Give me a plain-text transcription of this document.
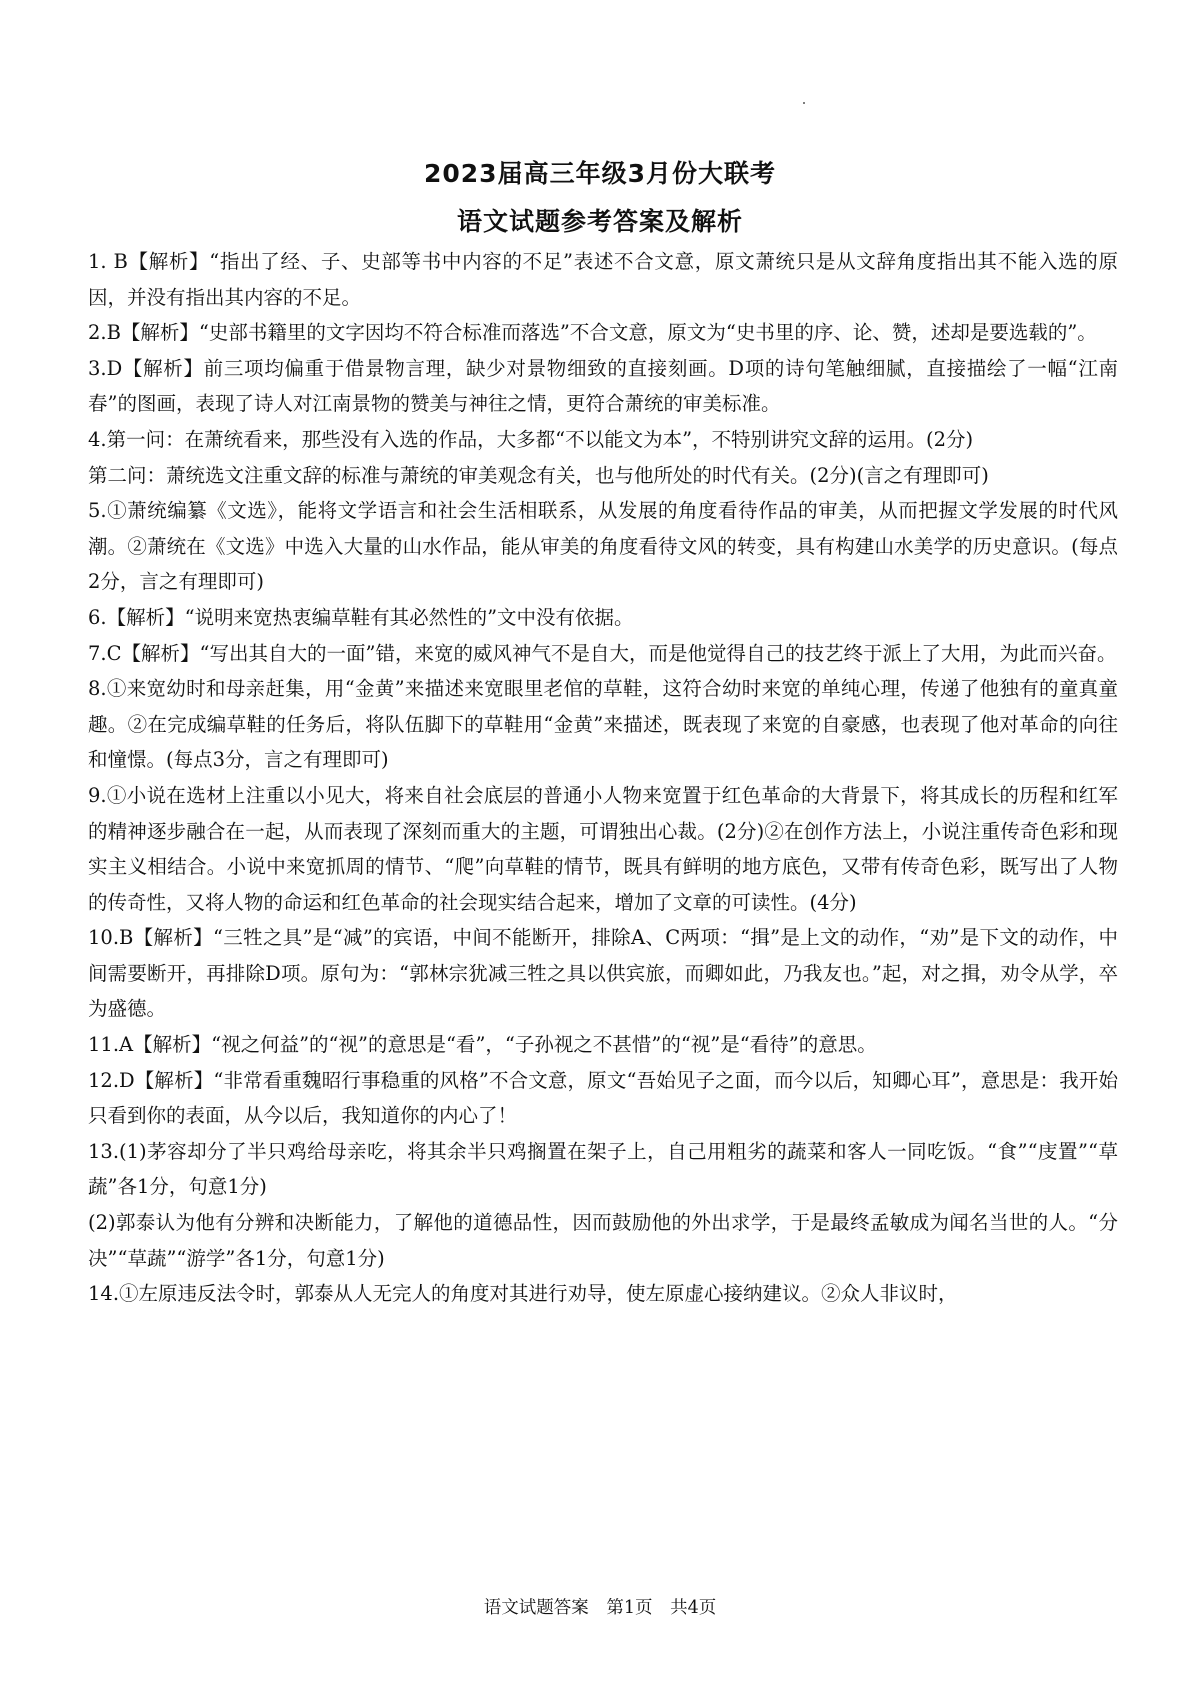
2023届高三年级3月份大联考
语文试题参考答案及解析

1. B【解析】“指出了经、子、史部等书中内容的不足”表述不合文意，原文萧统只是从文辞角度指出其不能入选的原因，并没有指出其内容的不足。

2.B【解析】“史部书籍里的文字因均不符合标准而落选”不合文意，原文为“史书里的序、论、赞，述却是要选载的”。

3.D【解析】前三项均偏重于借景物言理，缺少对景物细致的直接刻画。D项的诗句笔触细腻，直接描绘了一幅“江南春”的图画，表现了诗人对江南景物的赞美与神往之情，更符合萧统的审美标准。

4.第一问：在萧统看来，那些没有入选的作品，大多都“不以能文为本”，不特别讲究文辞的运用。(2分)

第二问：萧统选文注重文辞的标准与萧统的审美观念有关，也与他所处的时代有关。(2分)(言之有理即可)

5.①萧统编纂《文选》，能将文学语言和社会生活相联系，从发展的角度看待作品的审美，从而把握文学发展的时代风潮。②萧统在《文选》中选入大量的山水作品，能从审美的角度看待文风的转变，具有构建山水美学的历史意识。(每点2分，言之有理即可)

6.【解析】“说明来宽热衷编草鞋有其必然性的”文中没有依据。

7.C【解析】“写出其自大的一面”错，来宽的威风神气不是自大，而是他觉得自己的技艺终于派上了大用，为此而兴奋。

8.①来宽幼时和母亲赶集，用“金黄”来描述来宽眼里老倌的草鞋，这符合幼时来宽的单纯心理，传递了他独有的童真童趣。②在完成编草鞋的任务后，将队伍脚下的草鞋用“金黄”来描述，既表现了来宽的自豪感，也表现了他对革命的向往和憧憬。(每点3分，言之有理即可)

9.①小说在选材上注重以小见大，将来自社会底层的普通小人物来宽置于红色革命的大背景下，将其成长的历程和红军的精神逐步融合在一起，从而表现了深刻而重大的主题，可谓独出心裁。(2分)②在创作方法上，小说注重传奇色彩和现实主义相结合。小说中来宽抓周的情节、“爬”向草鞋的情节，既具有鲜明的地方底色，又带有传奇色彩，既写出了人物的传奇性，又将人物的命运和红色革命的社会现实结合起来，增加了文章的可读性。(4分)

10.B【解析】“三牲之具”是“减”的宾语，中间不能断开，排除A、C两项：“揖”是上文的动作，“劝”是下文的动作，中间需要断开，再排除D项。原句为：“郭林宗犹减三牲之具以供宾旅，而卿如此，乃我友也。”起，对之揖，劝令从学，卒为盛德。

11.A【解析】“视之何益”的“视”的意思是“看”，“子孙视之不甚惜”的“视”是“看待”的意思。

12.D【解析】“非常看重魏昭行事稳重的风格”不合文意，原文“吾始见子之面，而今以后，知卿心耳”，意思是：我开始只看到你的表面，从今以后，我知道你的内心了！

13.(1)茅容却分了半只鸡给母亲吃，将其余半只鸡搁置在架子上，自己用粗劣的蔬菜和客人一同吃饭。“食”“庋置”“草蔬”各1分，句意1分)

(2)郭泰认为他有分辨和决断能力，了解他的道德品性，因而鼓励他的外出求学，于是最终孟敏成为闻名当世的人。“分决”“草蔬”“游学”各1分，句意1分)

14.①左原违反法令时，郭泰从人无完人的角度对其进行劝导，使左原虚心接纳建议。②众人非议时，

语文试题答案 第1页 共4页
